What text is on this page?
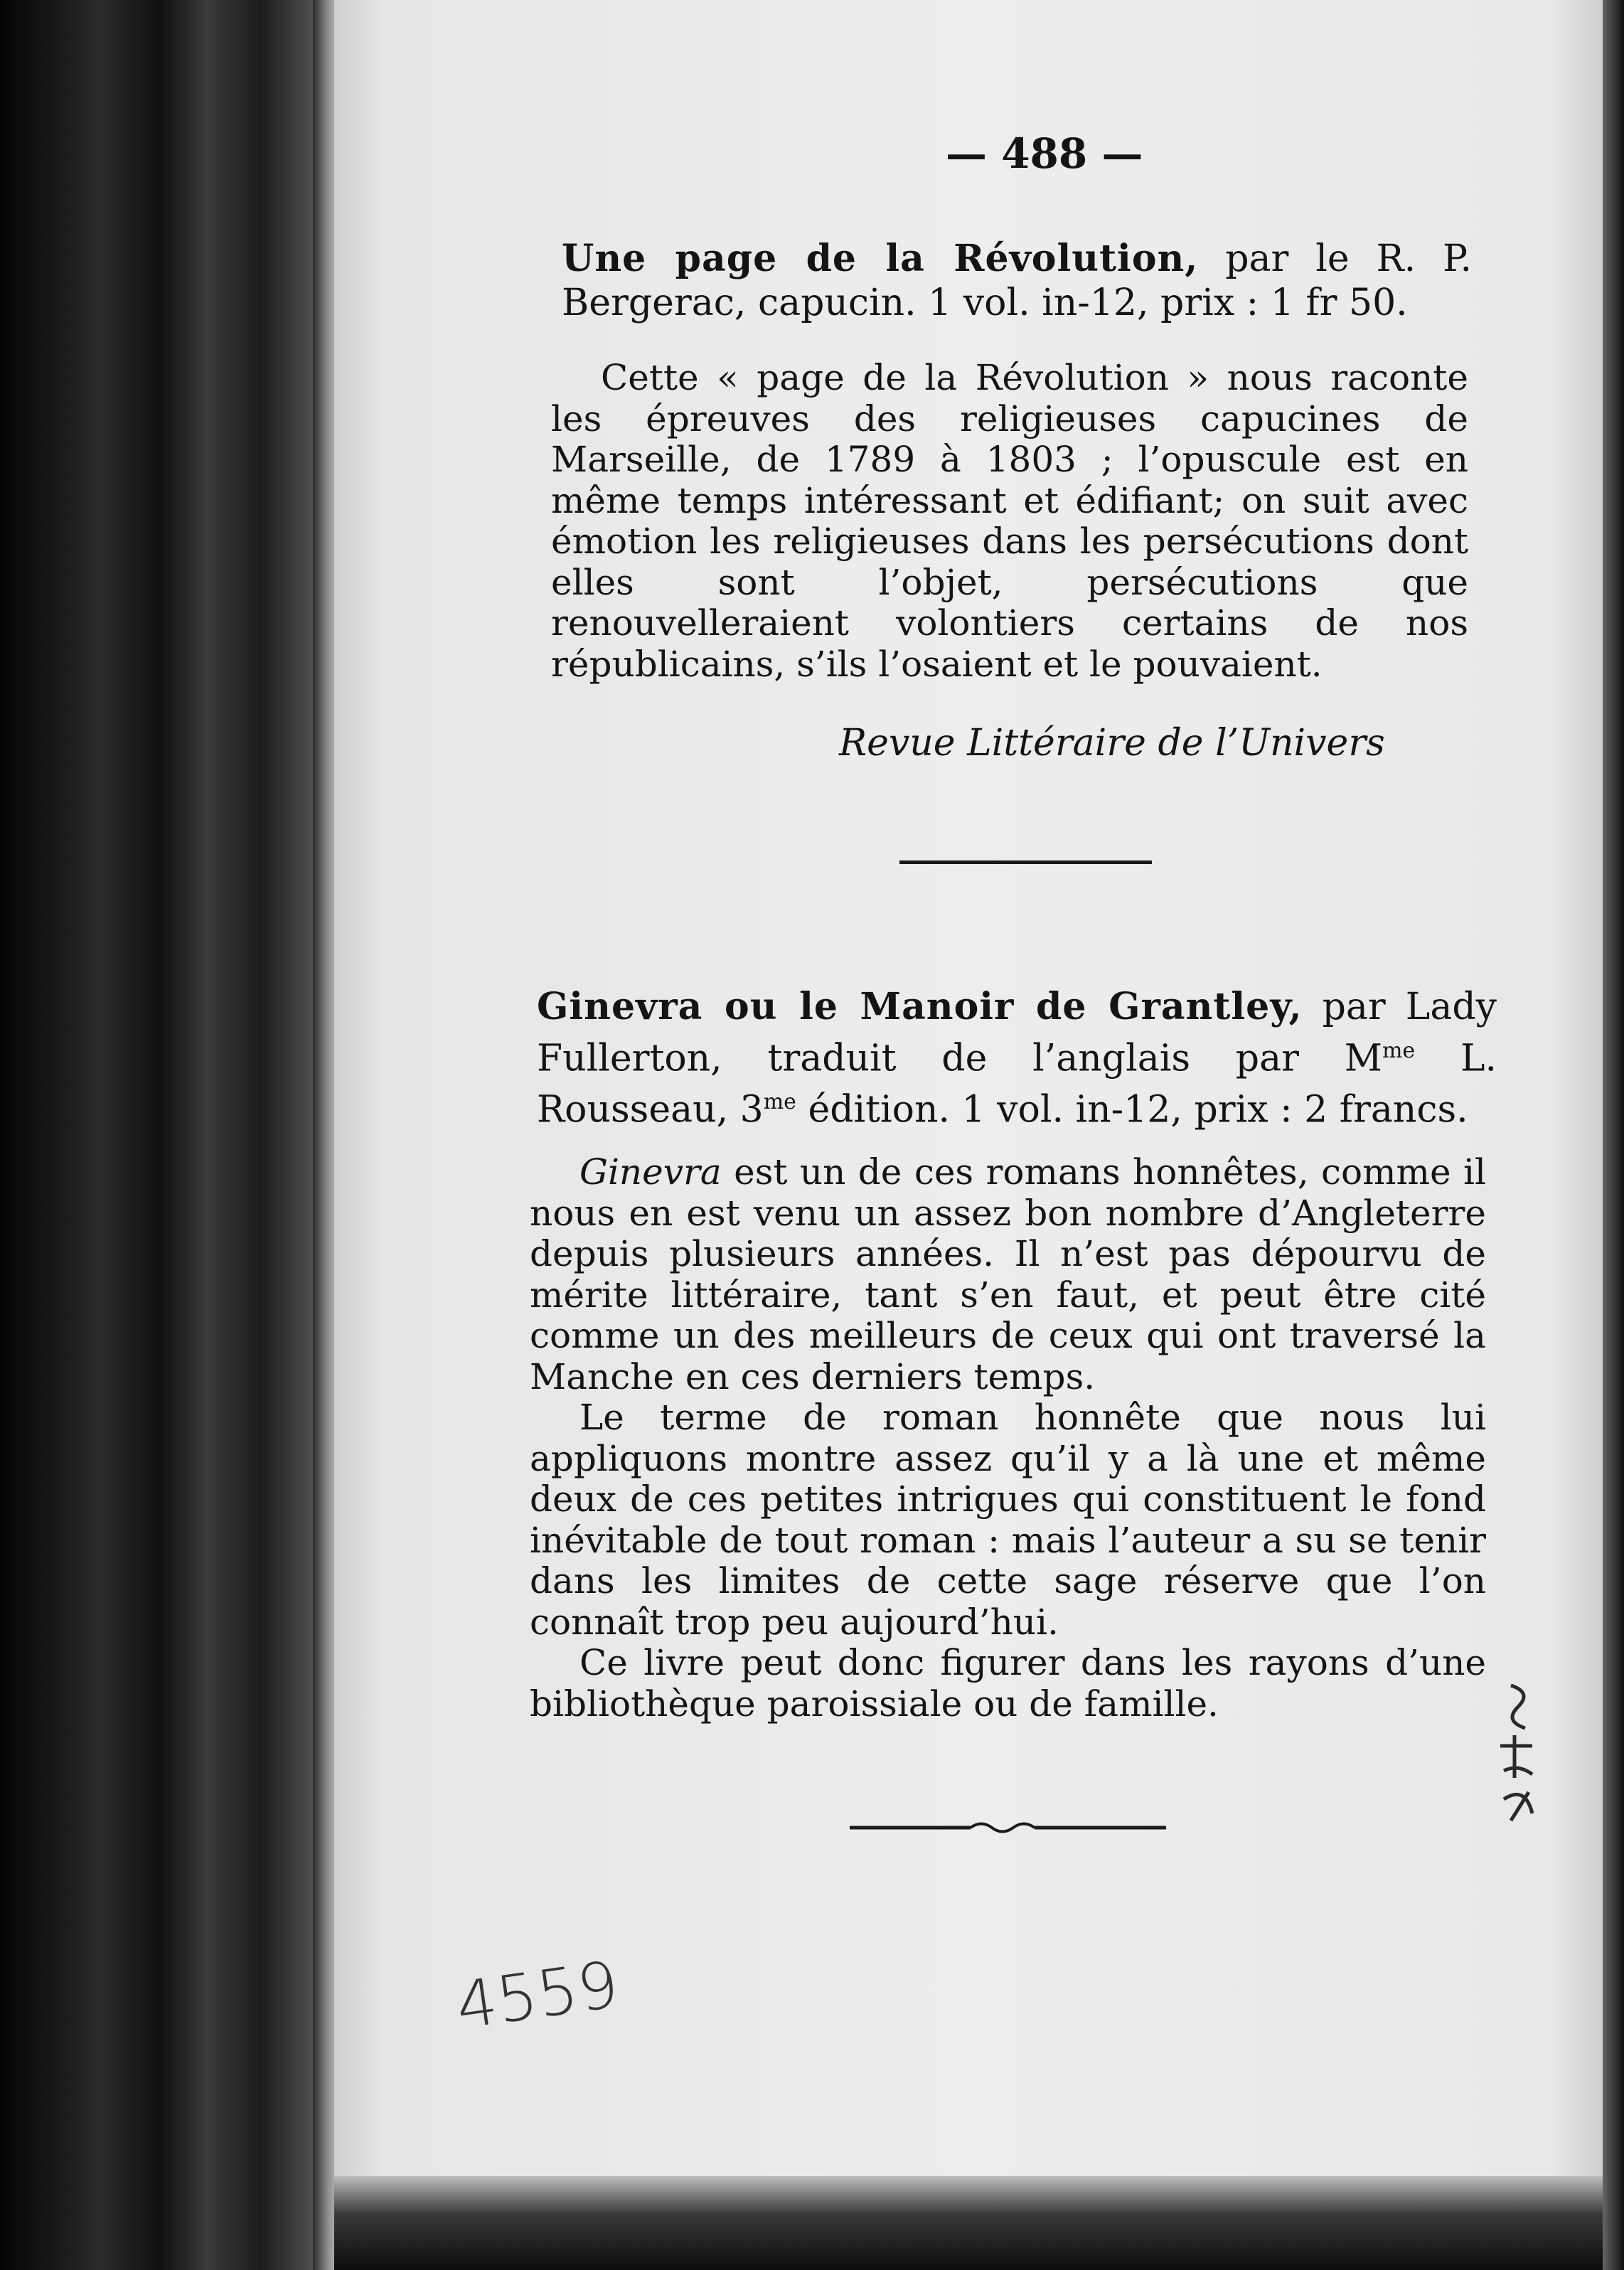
— 488 —
Une page de la Révolution, par le R. P. Bergerac, capucin. 1 vol. in-12, prix : 1 fr 50.

Cette « page de la Révolution » nous raconte les épreuves des religieuses capucines de Marseille, de 1789 à 1803 ; l’opuscule est en même temps intéressant et édifiant; on suit avec émotion les religieuses dans les persécutions dont elles sont l’objet, persécutions que renouvelleraient volontiers certains de nos républicains, s’ils l’osaient et le pouvaient.

Revue Littéraire de l’Univers
Ginevra ou le Manoir de Grantley, par Lady Fullerton, traduit de l’anglais par $M^{me}$ L. Rousseau, $3^{me}$ édition. 1 vol. in-12, prix : 2 francs.

Ginevra est un de ces romans honnêtes, comme il nous en est venu un assez bon nombre d’Angleterre depuis plusieurs années. Il n’est pas dépourvu de mérite littéraire, tant s’en faut, et peut être cité comme un des meilleurs de ceux qui ont traversé la Manche en ces derniers temps.

Le terme de roman honnête que nous lui appliquons montre assez qu’il y a là une et même deux de ces petites intrigues qui constituent le fond inévitable de tout roman : mais l’auteur a su se tenir dans les limites de cette sage réserve que l’on connaît trop peu aujourd’hui.

Ce livre peut donc figurer dans les rayons d’une bibliothèque paroissiale ou de famille.

4559
